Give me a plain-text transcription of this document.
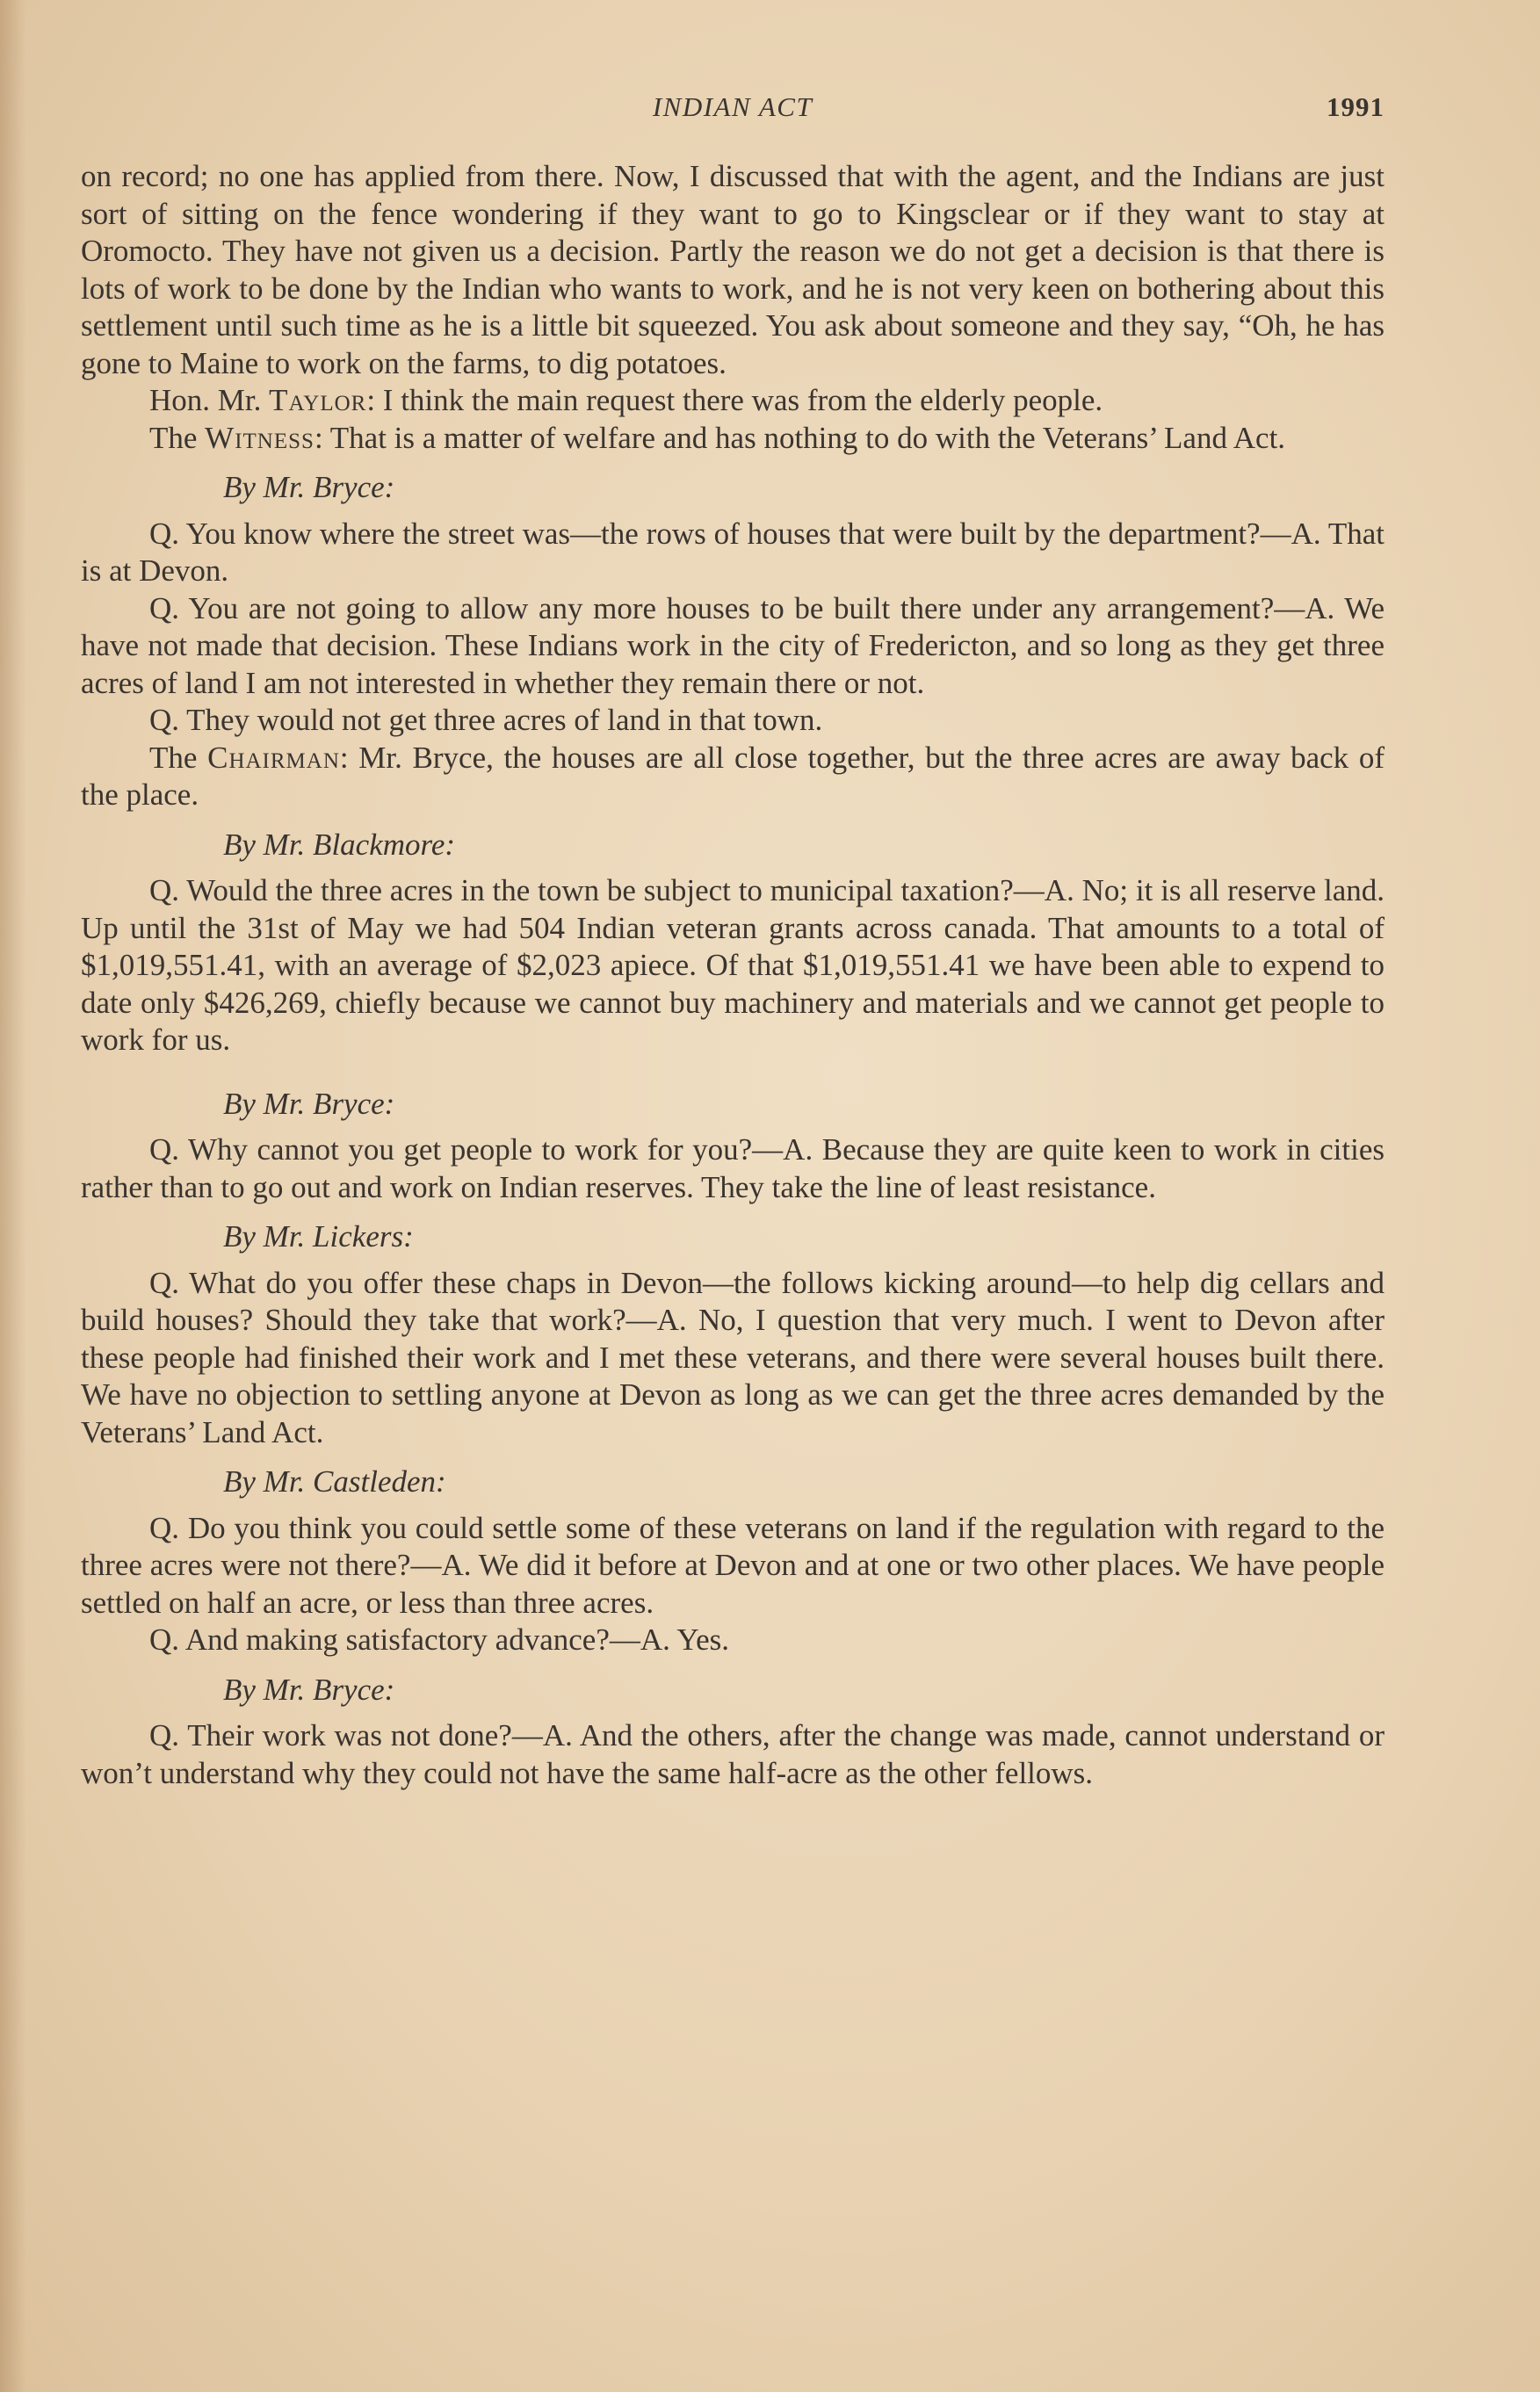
INDIAN ACT	1991

on record; no one has applied from there. Now, I discussed that with the agent, and the Indians are just sort of sitting on the fence wondering if they want to go to Kingsclear or if they want to stay at Oromocto. They have not given us a decision. Partly the reason we do not get a decision is that there is lots of work to be done by the Indian who wants to work, and he is not very keen on bothering about this settlement until such time as he is a little bit squeezed. You ask about someone and they say, “Oh, he has gone to Maine to work on the farms, to dig potatoes.

Hon. Mr. Taylor: I think the main request there was from the elderly people.

The Witness: That is a matter of welfare and has nothing to do with the Veterans’ Land Act.

By Mr. Bryce:

Q. You know where the street was—the rows of houses that were built by the department?—A. That is at Devon.

Q. You are not going to allow any more houses to be built there under any arrangement?—A. We have not made that decision. These Indians work in the city of Fredericton, and so long as they get three acres of land I am not interested in whether they remain there or not.

Q. They would not get three acres of land in that town.

The Chairman: Mr. Bryce, the houses are all close together, but the three acres are away back of the place.

By Mr. Blackmore:

Q. Would the three acres in the town be subject to municipal taxation?—A. No; it is all reserve land. Up until the 31st of May we had 504 Indian veteran grants across canada. That amounts to a total of $1,019,551.41, with an average of $2,023 apiece. Of that $1,019,551.41 we have been able to expend to date only $426,269, chiefly because we cannot buy machinery and materials and we cannot get people to work for us.

By Mr. Bryce:

Q. Why cannot you get people to work for you?—A. Because they are quite keen to work in cities rather than to go out and work on Indian reserves. They take the line of least resistance.

By Mr. Lickers:

Q. What do you offer these chaps in Devon—the follows kicking around—to help dig cellars and build houses? Should they take that work?—A. No, I question that very much. I went to Devon after these people had finished their work and I met these veterans, and there were several houses built there. We have no objection to settling anyone at Devon as long as we can get the three acres demanded by the Veterans’ Land Act.

By Mr. Castleden:

Q. Do you think you could settle some of these veterans on land if the regulation with regard to the three acres were not there?—A. We did it before at Devon and at one or two other places. We have people settled on half an acre, or less than three acres.

Q. And making satisfactory advance?—A. Yes.

By Mr. Bryce:

Q. Their work was not done?—A. And the others, after the change was made, cannot understand or won’t understand why they could not have the same half-acre as the other fellows.
